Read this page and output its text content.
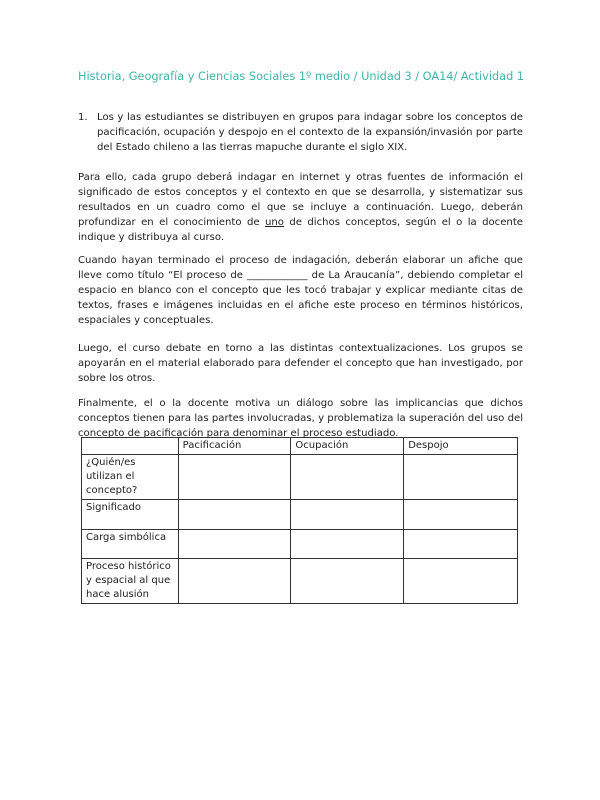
Historia, Geografía y Ciencias Sociales 1º medio / Unidad 3 / OA14/ Actividad 1
1. Los y las estudiantes se distribuyen en grupos para indagar sobre los conceptos de pacificación, ocupación y despojo en el contexto de la expansión/invasión por parte del Estado chileno a las tierras mapuche durante el siglo XIX.
Para ello, cada grupo deberá indagar en internet y otras fuentes de información el significado de estos conceptos y el contexto en que se desarrolla, y sistematizar sus resultados en un cuadro como el que se incluye a continuación. Luego, deberán profundizar en el conocimiento de uno de dichos conceptos, según el o la docente indique y distribuya al curso.
Cuando hayan terminado el proceso de indagación, deberán elaborar un afiche que lleve como título “El proceso de ____________ de La Araucanía”, debiendo completar el espacio en blanco con el concepto que les tocó trabajar y explicar mediante citas de textos, frases e imágenes incluidas en el afiche este proceso en términos históricos, espaciales y conceptuales.
Luego, el curso debate en torno a las distintas contextualizaciones. Los grupos se apoyarán en el material elaborado para defender el concepto que han investigado, por sobre los otros.
Finalmente, el o la docente motiva un diálogo sobre las implicancias que dichos conceptos tienen para las partes involucradas, y problematiza la superación del uso del concepto de pacificación para denominar el proceso estudiado.
	Pacificación	Ocupación	Despojo
¿Quién/es utilizan el concepto?			
Significado			
Carga simbólica			
Proceso histórico y espacial al que hace alusión			
